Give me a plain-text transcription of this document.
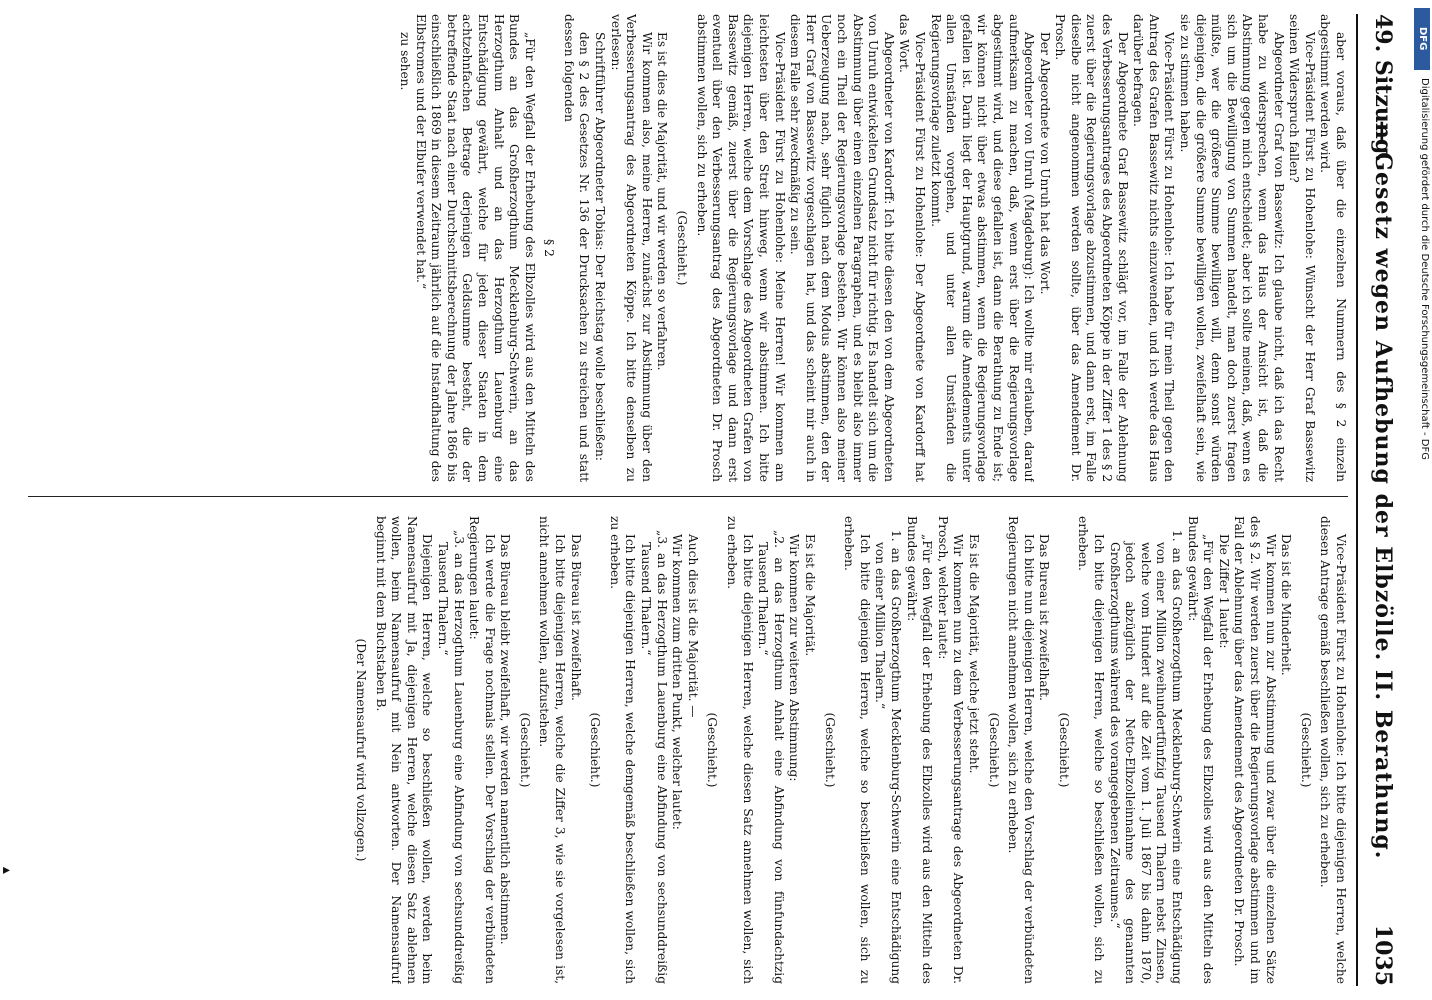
49. Sitzung.
— Gesetz wegen Aufhebung der Elbzölle. II. Berathung.
1035

aber voraus, daß über die einzelnen Nummern des § 2 einzeln abgestimmt werden wird.

Vice-Präsident Fürst zu Hohenlohe: Wünscht der Herr Graf Bassewitz seinen Widerspruch fallen?

Abgeordneter Graf von Bassewitz: Ich glaube nicht, daß ich das Recht habe zu widersprechen, wenn das Haus der Ansicht ist, daß die Abstimmung gegen mich entscheidet; aber ich sollte meinen, daß, wenn es sich um die Bewilligung von Summen handelt, man doch zuerst fragen müßte, wer die größere Summe bewilligen will, denn sonst würden diejenigen, die die größere Summe bewilligen wollen, zweifelhaft sein, wie sie zu stimmen haben.

Vice-Präsident Fürst zu Hohenlohe: Ich habe für mein Theil gegen den Antrag des Grafen Bassewitz nichts einzuwenden, und ich werde das Haus darüber befragen.

Der Abgeordnete Graf Bassewitz schlägt vor, im Falle der Ablehnung des Verbesserungsantrages des Abgeordneten Köppe in der Ziffer 1 des § 2 zuerst über die Regierungsvorlage abzustimmen, und dann erst, im Falle dieselbe nicht angenommen werden sollte, über das Amendement Dr. Prosch.

Der Abgeordnete von Unruh hat das Wort.

Abgeordneter von Unruh (Magdeburg): Ich wollte mir erlauben, darauf aufmerksam zu machen, daß, wenn erst über die Regierungsvorlage abgestimmt wird, und diese gefallen ist, dann die Berathung zu Ende ist; wir können nicht über etwas abstimmen, wenn die Regierungsvorlage gefallen ist. Darin liegt der Hauptgrund, warum die Amendements unter allen Umständen vorgehen, und unter allen Umständen die Regierungsvorlage zuletzt kommt.

Vice-Präsident Fürst zu Hohenlohe: Der Abgeordnete von Kardorff hat das Wort.

Abgeordneter von Kardorff: Ich bitte diesen den von dem Abgeordneten von Unruh entwickelten Grundsatz nicht für richtig. Es handelt sich um die Abstimmung über einen einzelnen Paragraphen, und es bleibt also immer noch ein Theil der Regierungsvorlage bestehen. Wir können also meiner Ueberzeugung nach, sehr füglich nach dem Modus abstimmen, den der Herr Graf von Bassewitz vorgeschlagen hat, und das scheint mir auch in diesem Falle sehr zweckmäßig zu sein.

Vice-Präsident Fürst zu Hohenlohe: Meine Herren! Wir kommen am leichtesten über den Streit hinweg, wenn wir abstimmen. Ich bitte diejenigen Herren, welche dem Vorschlage des Abgeordneten Grafen von Bassewitz gemäß, zuerst über die Regierungsvorlage und dann erst eventuell über den Verbesserungsantrag des Abgeordneten Dr. Prosch abstimmen wollen, sich zu erheben.

(Geschieht.)

Es ist dies die Majorität, und wir werden so verfahren.

Wir kommen also, meine Herren, zunächst zur Abstimmung über den Verbesserungsantrag des Abgeordneten Köppe. Ich bitte denselben zu verlesen:

Schriftführer Abgeordneter Tobias: Der Reichstag wolle beschließen:

den § 2 des Gesetzes Nr. 136 der Drucksachen zu streichen und statt dessen folgenden

§ 2

„Für den Wegfall der Erhebung des Elbzolles wird aus den Mitteln des Bundes an das Großherzogthum Mecklenburg-Schwerin, an das Herzogthum Anhalt und an das Herzogthum Lauenburg eine Entschädigung gewährt, welche für jeden dieser Staaten in dem achtzehnfachen Betrage derjenigen Geldsumme besteht, die der betreffende Staat nach einer Durchschnittsberechnung der Jahre 1866 bis einschließlich 1869 in diesem Zeitraum jährlich auf die Instandhaltung des Elbstromes und der Elbufer verwendet hat.“

zu sehen.

Vice-Präsident Fürst zu Hohenlohe: Ich bitte diejenigen Herren, welche diesen Antrage gemäß beschließen wollen, sich zu erheben.

(Geschieht.)

Das ist die Minderheit.

Wir kommen nun zur Abstimmung und zwar über die einzelnen Sätze des § 2. Wir werden zuerst über die Regierungsvorlage abstimmen und im Fall der Ablehnung über das Amendement des Abgeordneten Dr. Prosch.

Die Ziffer 1 lautet:

„Für den Wegfall der Erhebung des Elbzolles wird aus den Mitteln des Bundes gewährt:

1. an das Großherzogthum Mecklenburg-Schwerin eine Entschädigung von einer Million zweihundertfünfzig Tausend Thalern nebst Zinsen, welche vom Hundert auf die Zeit vom 1. Juli 1867 bis dahin 1870, jedoch abzüglich der Netto-Elbzolleinnahme des genannten Großherzogthums während des vorangegebenen Zeitraumes.“

Ich bitte diejenigen Herren, welche so beschließen wollen, sich zu erheben.

(Geschieht.)

Das Bureau ist zweifelhaft.

Ich bitte nun diejenigen Herren, welche den Vorschlag der verbündeten Regierungen nicht annehmen wollen, sich zu erheben.

(Geschieht.)

Es ist die Majorität, welche jetzt steht.

Wir kommen nun zu dem Verbesserungsantrage des Abgeordneten Dr. Prosch, welcher lautet:

„Für den Wegfall der Erhebung des Elbzolles wird aus den Mitteln des Bundes gewährt:

1. an das Großherzogthum Mecklenburg-Schwerin eine Entschädigung von einer Million Thalern.“

Ich bitte diejenigen Herren, welche so beschließen wollen, sich zu erheben.

(Geschieht.)

Es ist die Majorität.

Wir kommen zur weiteren Abstimmung:

„2. an das Herzogthum Anhalt eine Abfindung von fünfundachtzig Tausend Thalern.“

Ich bitte diejenigen Herren, welche diesen Satz annehmen wollen, sich zu erheben.

(Geschieht.)

Auch dies ist die Majorität. —

Wir kommen zum dritten Punkt, welcher lautet:

„3. an das Herzogthum Lauenburg eine Abfindung von sechsunddreißig Tausend Thalern.“

Ich bitte diejenigen Herren, welche demgemäß beschließen wollen, sich zu erheben.

(Geschieht.)

Das Büreau ist zweifelhaft.

Ich bitte diejenigen Herren, welche die Ziffer 3, wie sie vorgelesen ist, nicht annehmen wollen, aufzustehen.

(Geschieht.)

Das Büreau bleibt zweifelhaft, wir werden namentlich abstimmen.

Ich werde die Frage nochmals stellen. Der Vorschlag der verbündeten Regierungen lautet:

„3. an das Herzogthum Lauenburg eine Abfindung von sechsunddreißig Tausend Thalern.“

Diejenigen Herren, welche so beschließen wollen, werden beim Namensaufruf mit Ja, diejenigen Herren, welche diesen Satz ablehnen wollen, beim Namensaufruf mit Nein antworten. Der Namensaufruf beginnt mit dem Buchstaben B.

(Der Namensaufruf wird vollzogen.)

▸
DFG
Digitalisierung gefördert durch die Deutsche Forschungsgemeinschaft - DFG
